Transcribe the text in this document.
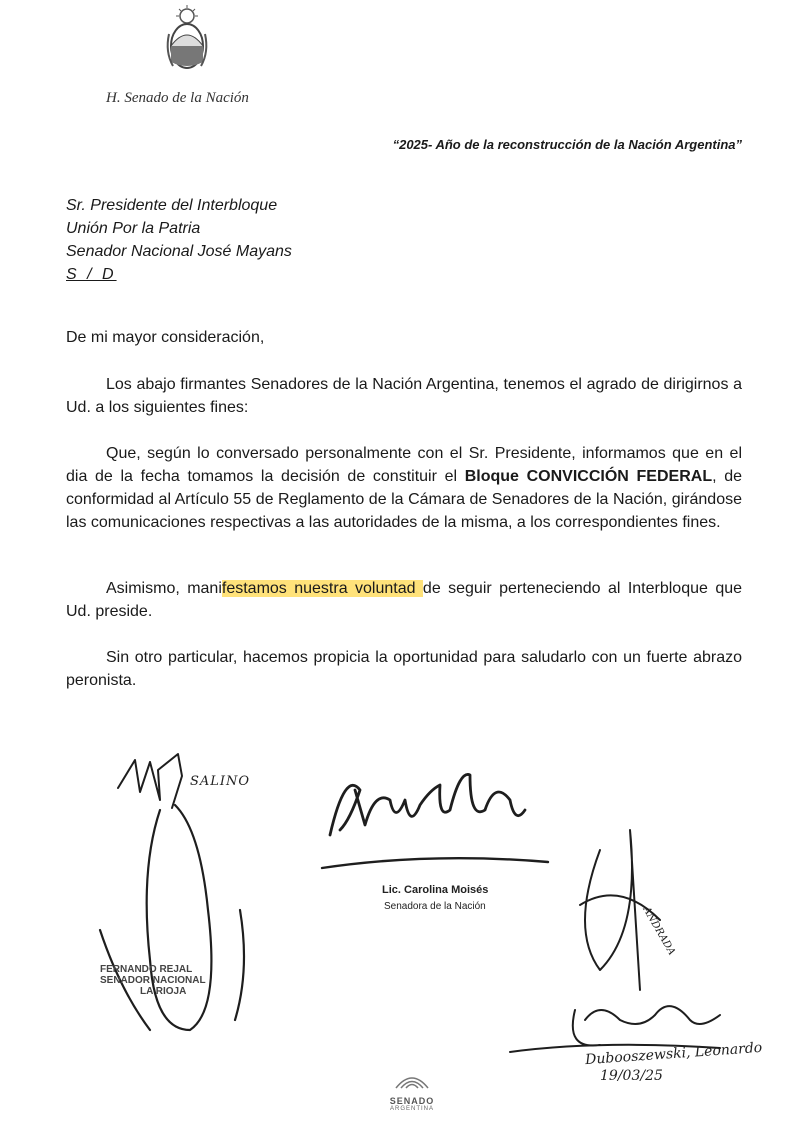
H. Senado de la Nación
“2025- Año de la reconstrucción de la Nación Argentina”
Sr. Presidente del Interbloque
Unión Por la Patria
Senador Nacional José Mayans
S / D
De mi mayor consideración,

Los abajo firmantes Senadores de la Nación Argentina, tenemos el agrado de dirigirnos a Ud. a los siguientes fines:

Que, según lo conversado personalmente con el Sr. Presidente, informamos que en el dia de la fecha tomamos la decisión de constituir el Bloque CONVICCIÓN FEDERAL, de conformidad al Artículo 55 de Reglamento de la Cámara de Senadores de la Nación, girándose las comunicaciones respectivas a las autoridades de la misma, a los correspondientes fines.

Asimismo, manifestamos nuestra voluntad de seguir perteneciendo al Interbloque que Ud. preside.

Sin otro particular, hacemos propicia la oportunidad para saludarlo con un fuerte abrazo peronista.

SALINO
Lic. Carolina Moisés
Senadora de la Nación
FERNANDO REJAL
SENADOR NACIONAL
LA RIOJA
ANDRADA
Dubooszewski, Leonardo
19/03/25
SENADO
ARGENTINA
